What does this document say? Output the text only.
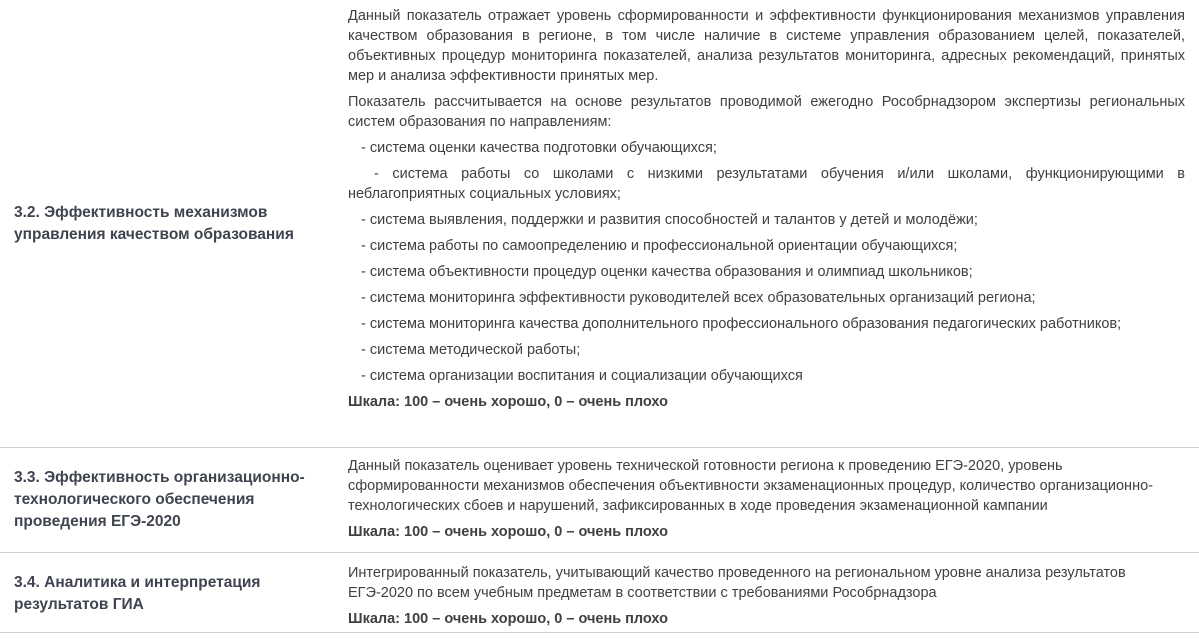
3.2. Эффективность механизмов управления качеством образования

Данный показатель отражает уровень сформированности и эффективности функционирования механизмов управления качеством образования в регионе, в том числе наличие в системе управления образованием целей, показателей, объективных процедур мониторинга показателей, анализа результатов мониторинга, адресных рекомендаций, принятых мер и анализа эффективности принятых мер.

Показатель рассчитывается на основе результатов проводимой ежегодно Рособрнадзором экспертизы региональных систем образования по направлениям:

- система оценки качества подготовки обучающихся;

- система работы со школами с низкими результатами обучения и/или школами, функционирующими в неблагоприятных социальных условиях;

- система выявления, поддержки и развития способностей и талантов у детей и молодёжи;

- система работы по самоопределению и профессиональной ориентации обучающихся;

- система объективности процедур оценки качества образования и олимпиад школьников;

- система мониторинга эффективности руководителей всех образовательных организаций региона;

- система мониторинга качества дополнительного профессионального образования педагогических работников;

- система методической работы;

- система организации воспитания и социализации обучающихся

Шкала: 100 – очень хорошо, 0 – очень плохо

3.3. Эффективность организационно-технологического обеспечения проведения ЕГЭ-2020

Данный показатель оценивает уровень технической готовности региона к проведению ЕГЭ-2020, уровень сформированности механизмов обеспечения объективности экзаменационных процедур, количество организационно-технологических сбоев и нарушений, зафиксированных в ходе проведения экзаменационной кампании

Шкала: 100 – очень хорошо, 0 – очень плохо

3.4. Аналитика и интерпретация результатов ГИА

Интегрированный показатель, учитывающий качество проведенного на региональном уровне анализа результатов ЕГЭ-2020 по всем учебным предметам в соответствии с требованиями Рособрнадзора

Шкала: 100 – очень хорошо, 0 – очень плохо
